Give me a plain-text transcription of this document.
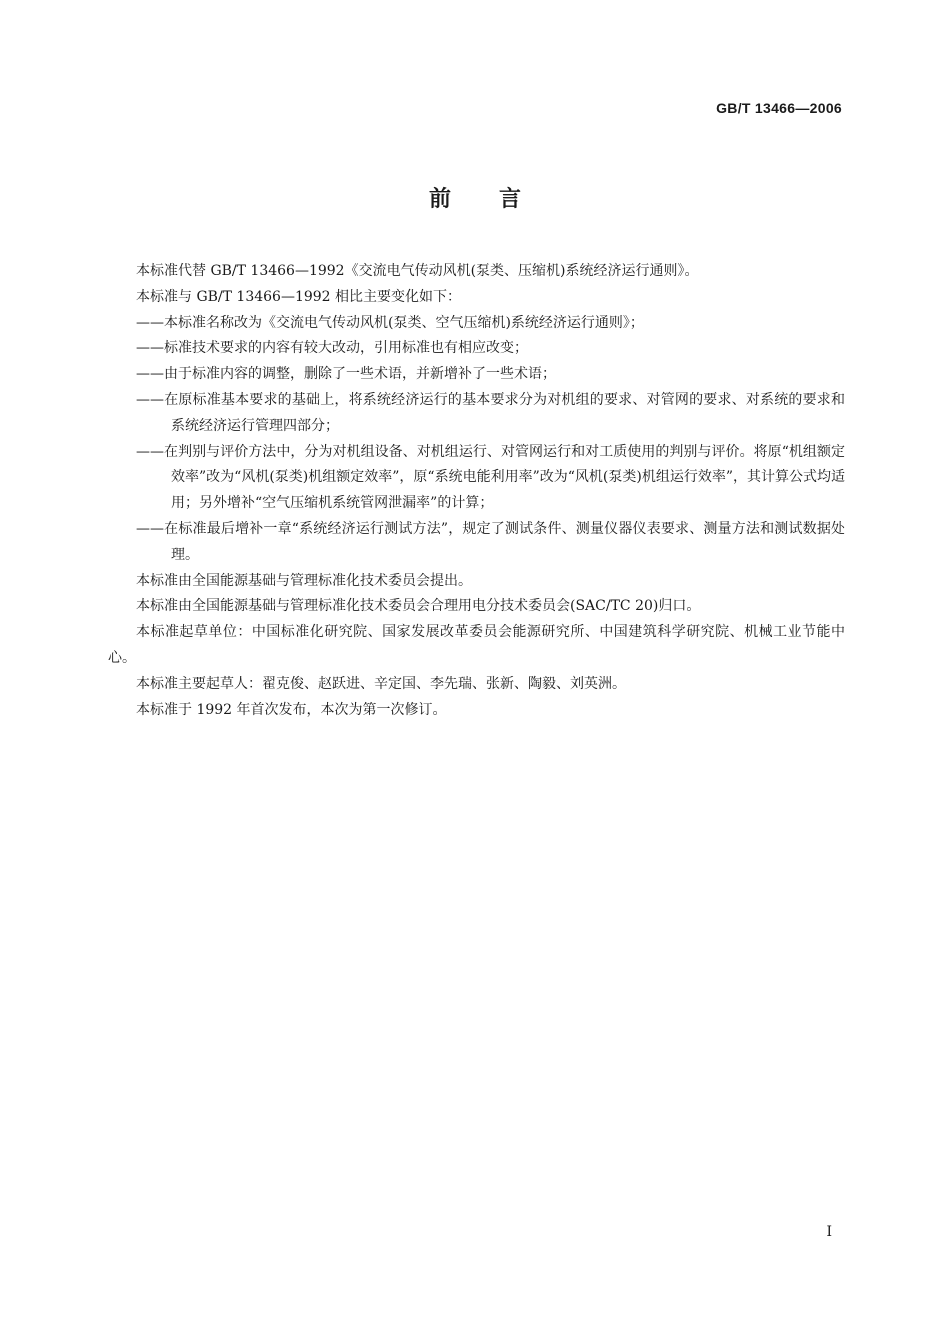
GB/T 13466—2006
前 言

本标准代替 GB/T 13466—1992《交流电气传动风机(泵类、压缩机)系统经济运行通则》。

本标准与 GB/T 13466—1992 相比主要变化如下：

——本标准名称改为《交流电气传动风机(泵类、空气压缩机)系统经济运行通则》；

——标准技术要求的内容有较大改动，引用标准也有相应改变；

——由于标准内容的调整，删除了一些术语，并新增补了一些术语；

——在原标准基本要求的基础上，将系统经济运行的基本要求分为对机组的要求、对管网的要求、对系统的要求和系统经济运行管理四部分；

——在判别与评价方法中，分为对机组设备、对机组运行、对管网运行和对工质使用的判别与评价。将原“机组额定效率”改为“风机(泵类)机组额定效率”，原“系统电能利用率”改为“风机(泵类)机组运行效率”，其计算公式均适用；另外增补“空气压缩机系统管网泄漏率”的计算；

——在标准最后增补一章“系统经济运行测试方法”，规定了测试条件、测量仪器仪表要求、测量方法和测试数据处理。

本标准由全国能源基础与管理标准化技术委员会提出。

本标准由全国能源基础与管理标准化技术委员会合理用电分技术委员会(SAC/TC 20)归口。

本标准起草单位：中国标准化研究院、国家发展改革委员会能源研究所、中国建筑科学研究院、机械工业节能中心。

本标准主要起草人：翟克俊、赵跃进、辛定国、李先瑞、张新、陶毅、刘英洲。

本标准于 1992 年首次发布，本次为第一次修订。

I
